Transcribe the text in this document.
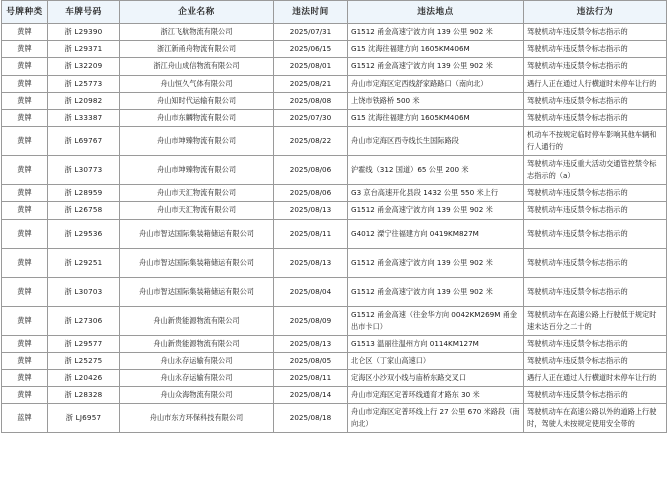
号牌种类	车牌号码	企业名称	违法时间	违法地点	违法行为
黄牌	浙 L29390	浙江飞航物流有限公司	2025/07/31	G1512 甬金高速宁波方向 139 公里 902 米	驾驶机动车违反禁令标志指示的
黄牌	浙 L29371	浙江新甬舟物流有限公司	2025/06/15	G15 沈海往福建方向 1605KM406M	驾驶机动车违反禁令标志指示的
黄牌	浙 L32209	浙江舟山成信物流有限公司	2025/08/01	G1512 甬金高速宁波方向 139 公里 902 米	驾驶机动车违反禁令标志指示的
黄牌	浙 L25773	舟山恒久气体有限公司	2025/08/21	舟山市定海区定西线舒家路路口（南向北）	遇行人正在通过人行横道时未停车让行的
黄牌	浙 L20982	舟山知时代运输有限公司	2025/08/08	上饶市铁路桥 500 米	驾驶机动车违反禁令标志指示的
黄牌	浙 L33387	舟山市东麟物流有限公司	2025/07/30	G15 沈海往福建方向 1605KM406M	驾驶机动车违反禁令标志指示的
黄牌	浙 L69767	舟山市坤臻物流有限公司	2025/08/22	舟山市定海区西寺线长生国际路段	机动车不按规定临时停车影响其他车辆和行人通行的
黄牌	浙 L30773	舟山市坤臻物流有限公司	2025/08/06	沪霍线（312 国道）65 公里 200 米	驾驶机动车违反重大活动交通管控禁令标志指示的（a）
黄牌	浙 L28959	舟山市天汇物流有限公司	2025/08/06	G3 京台高速开化县段 1432 公里 550 米上行	驾驶机动车违反禁令标志指示的
黄牌	浙 L26758	舟山市天汇物流有限公司	2025/08/13	G1512 甬金高速宁波方向 139 公里 902 米	驾驶机动车违反禁令标志指示的
黄牌	浙 L29536	舟山市智达国际集装箱储运有限公司	2025/08/11	G4012 溧宁往福建方向 0419KM827M	驾驶机动车违反禁令标志指示的
黄牌	浙 L29251	舟山市智达国际集装箱储运有限公司	2025/08/13	G1512 甬金高速宁波方向 139 公里 902 米	驾驶机动车违反禁令标志指示的
黄牌	浙 L30703	舟山市智达国际集装箱储运有限公司	2025/08/04	G1512 甬金高速宁波方向 139 公里 902 米	驾驶机动车违反禁令标志指示的
黄牌	浙 L27306	舟山新贵能源物流有限公司	2025/08/09	G1512 甬金高速（往金华方向 0042KM269M 甬金出市卡口）	驾驶机动车在高速公路上行驶低于规定时速未达百分之二十的
黄牌	浙 L29577	舟山新贵能源物流有限公司	2025/08/13	G1513 温丽往温州方向 0114KM127M	驾驶机动车违反禁令标志指示的
黄牌	浙 L25275	舟山永存运输有限公司	2025/08/05	北仑区（丁家山高速口）	驾驶机动车违反禁令标志指示的
黄牌	浙 L20426	舟山永存运输有限公司	2025/08/11	定海区小沙双小线与庙桥东路交叉口	遇行人正在通过人行横道时未停车让行的
黄牌	浙 L28328	舟山众海物流有限公司	2025/08/14	舟山市定海区定普环线通育才路东 30 米	驾驶机动车违反禁令标志指示的
蓝牌	浙 LJ6957	舟山市东方环保科技有限公司	2025/08/18	舟山市定海区定普环线上行 27 公里 670 米路段（南向北）	驾驶机动车在高速公路以外的道路上行驶时，驾驶人未按规定使用安全带的
